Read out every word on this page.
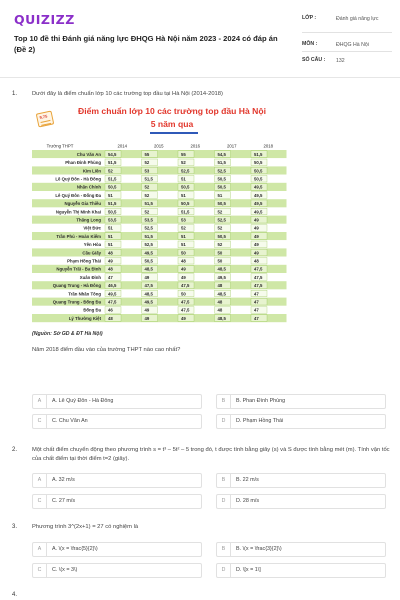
QUIZIZZ
Top 10 đề thi Đánh giá năng lực ĐHQG Hà Nội năm 2023 - 2024 có đáp án (Đề 2)
LỚP :	Đánh giá năng lực
MÔN :	ĐHQG Hà Nội
SỐ CÂU : 132
1.	Dưới đây là điểm chuẩn lớp 10 các trường top đầu tại Hà Nội (2014-2018)
9.75
Điểm chuẩn lớp 10 các trường top đầu Hà Nội
5 năm qua
Trường THPT	2014	2015	2016	2017	2018
Chu Văn An 54,5	55	55	54,5	51,5
Phan Đình Phùng 51,5	52	52	51,5	50,5
Kim Liên 52	53	52,5	52,5	50,5
Lê Quý Đôn - Hà Đông 51,5	51,5	51	50,5	50,5
Nhân Chính 50,5	52	50,5	50,5	49,5
Lê Quý Đôn - Đống Đa 51	52	51	51	49,5
Nguyễn Gia Thiều 51,5	51,5	50,5	50,5	49,5
Nguyễn Thị Minh Khai 50,5	52	51,5	52	49,5
Thăng Long 53,5	53,5	53	52,5	49
Việt Đức 51	52,5	52	52	49
Trần Phú - Hoàn Kiếm 51	51,5	51	50,5	49
Yên Hòa 51	52,5	51	52	49
Cầu Giấy 48	49,5	50	50	49
Phạm Hồng Thái 49	50,5	48	50	48
Nguyễn Trãi - Ba Đình 48	48,5	49	48,5	47,5
Xuân Đỉnh 47	49	49	49,5	47,5
Quang Trung - Hà Đông 46,5	47,5	47,5	48	47,5
Trần Nhân Tông 49,5	48,5	50	48,5	47
Quang Trung - Đống Đa 47,5	49,5	47,5	48	47
Đống Đa 46	49	47,5	48	47
Lý Thường Kiệt 48	49	49	48,5	47
(Nguồn: Sở GD & ĐT Hà Nội)
Năm 2018 điểm đầu vào của trường THPT nào cao nhất?
A	A. Lê Quý Đôn - Hà Đông	B	B. Phan Đình Phùng
C	C. Chu Văn An	D	D. Phạm Hồng Thái
2.	Một chất điểm chuyển động theo phương trình s = t³ – 5t² – 5 trong đó, t được tính bằng giây (s) và S được tính bằng mét (m). Tính vận tốc của chất điểm tại thời điểm t=2 (giây).
A	A. 32 m/s	B	B. 22 m/s
C	C. 27 m/s	D	D. 28 m/s
3.	Phương trình 3^(2x+1) = 27 có nghiệm là
A	A. \(x = \frac{5}{2}\)	B	B. \(x = \frac{3}{2}\)
C	C. \(x = 3\)	D	D. \[x = 1\]
4.
